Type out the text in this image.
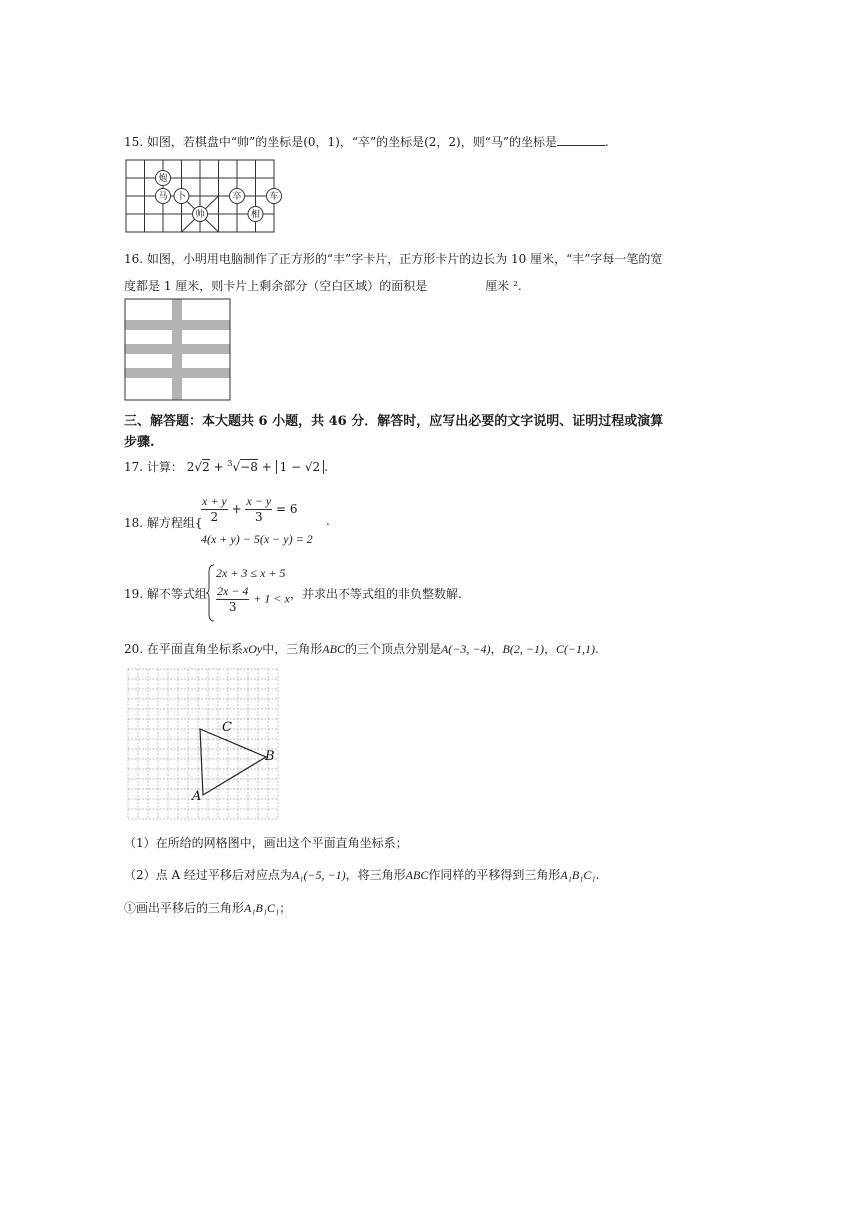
15. 如图，若棋盘中“帅”的坐标是(0，1)，“卒”的坐标是(2，2)，则“马”的坐标是	.
炮
马 卜
帅
卒
相
车
16. 如图，小明用电脑制作了正方形的“丰”字卡片，正方形卡片的边长为 10 厘米，“丰”字每一笔的宽
度都是 1 厘米，则卡片上剩余部分（空白区域）的面积是	厘米 ².
三、解答题：本大题共 6 小题，共 46 分．解答时，应写出必要的文字说明、证明过程或演算
步骤.
17. 计算： 2√2 + $^3$√−8 + 1 − √2 .
18. 解方程组{
$\frac{x + y}{2} + \frac{x - y}{3} = 6$
.
4(x + y) − 5(x − y) = 2
19. 解不等式组
2x + 3 ≤ x + 5
$\frac{2x - 4}{3} + 1 < x$ ，并求出不等式组的非负整数解.
20. 在平面直角坐标系xOy中，三角形ABC的三个顶点分别是A(−3, −4)，B(2, −1)，C(−1,1).
C
B
A
（1）在所给的网格图中，画出这个平面直角坐标系；
（2）点 A 经过平移后对应点为A₁(−5, −1)，将三角形ABC作同样的平移得到三角形A₁B₁C₁.
①画出平移后的三角形A₁B₁C₁；
